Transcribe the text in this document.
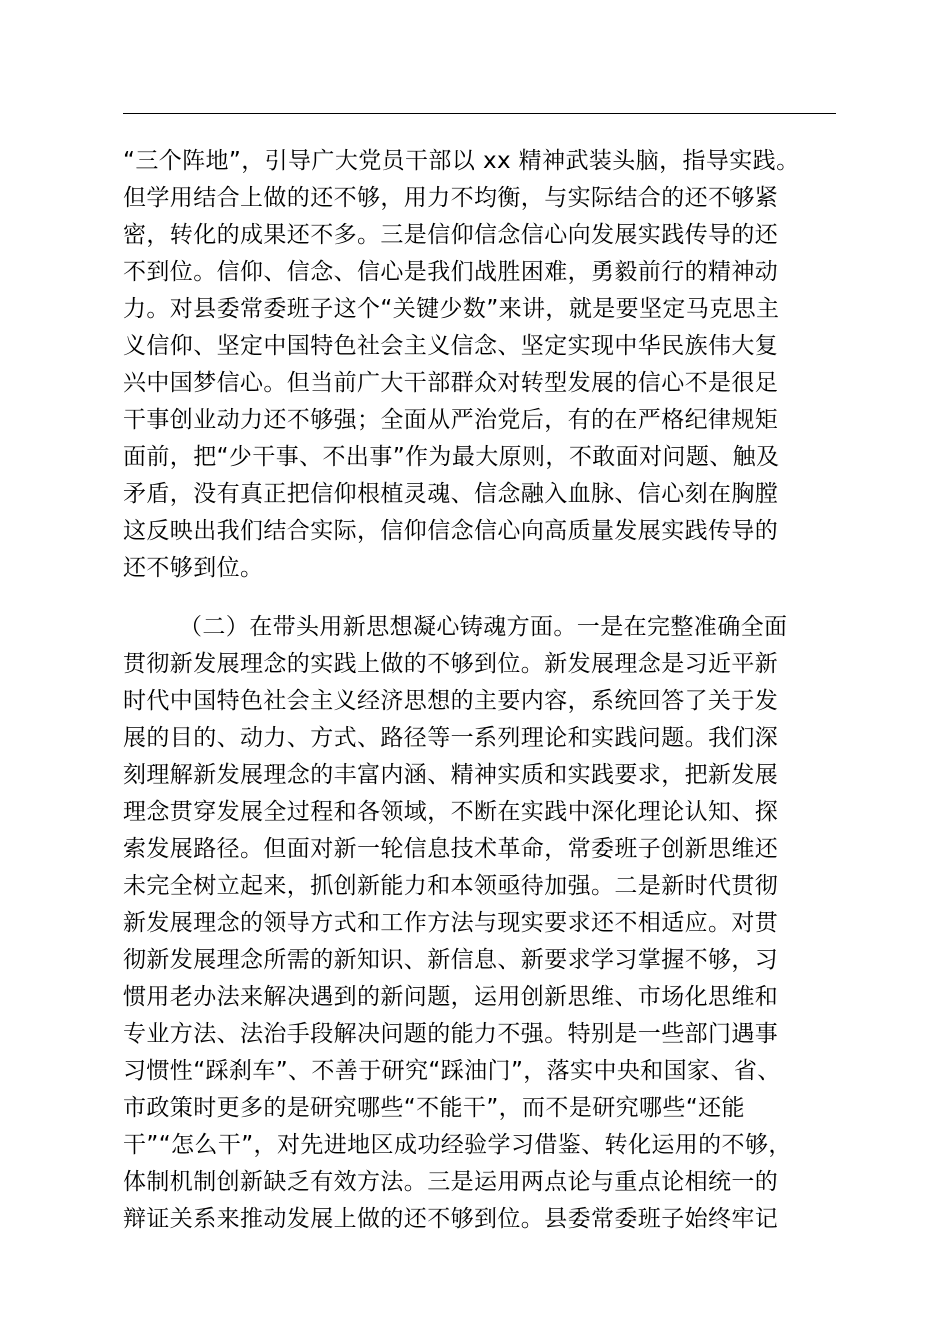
“三个阵地”，引导广大党员干部以 xx 精神武装头脑，指导实践。
但学用结合上做的还不够，用力不均衡，与实际结合的还不够紧
密，转化的成果还不多。三是信仰信念信心向发展实践传导的还
不到位。信仰、信念、信心是我们战胜困难，勇毅前行的精神动
力。对县委常委班子这个“关键少数”来讲，就是要坚定马克思主
义信仰、坚定中国特色社会主义信念、坚定实现中华民族伟大复
兴中国梦信心。但当前广大干部群众对转型发展的信心不是很足
干事创业动力还不够强；全面从严治党后，有的在严格纪律规矩
面前，把“少干事、不出事”作为最大原则，不敢面对问题、触及
矛盾，没有真正把信仰根植灵魂、信念融入血脉、信心刻在胸膛
这反映出我们结合实际，信仰信念信心向高质量发展实践传导的
还不够到位。
（二）在带头用新思想凝心铸魂方面。一是在完整准确全面
贯彻新发展理念的实践上做的不够到位。新发展理念是习近平新
时代中国特色社会主义经济思想的主要内容，系统回答了关于发
展的目的、动力、方式、路径等一系列理论和实践问题。我们深
刻理解新发展理念的丰富内涵、精神实质和实践要求，把新发展
理念贯穿发展全过程和各领域，不断在实践中深化理论认知、探
索发展路径。但面对新一轮信息技术革命，常委班子创新思维还
未完全树立起来，抓创新能力和本领亟待加强。二是新时代贯彻
新发展理念的领导方式和工作方法与现实要求还不相适应。对贯
彻新发展理念所需的新知识、新信息、新要求学习掌握不够，习
惯用老办法来解决遇到的新问题，运用创新思维、市场化思维和
专业方法、法治手段解决问题的能力不强。特别是一些部门遇事
习惯性“踩刹车”、不善于研究“踩油门”，落实中央和国家、省、
市政策时更多的是研究哪些“不能干”，而不是研究哪些“还能
干”“怎么干”，对先进地区成功经验学习借鉴、转化运用的不够，
体制机制创新缺乏有效方法。三是运用两点论与重点论相统一的
辩证关系来推动发展上做的还不够到位。县委常委班子始终牢记
